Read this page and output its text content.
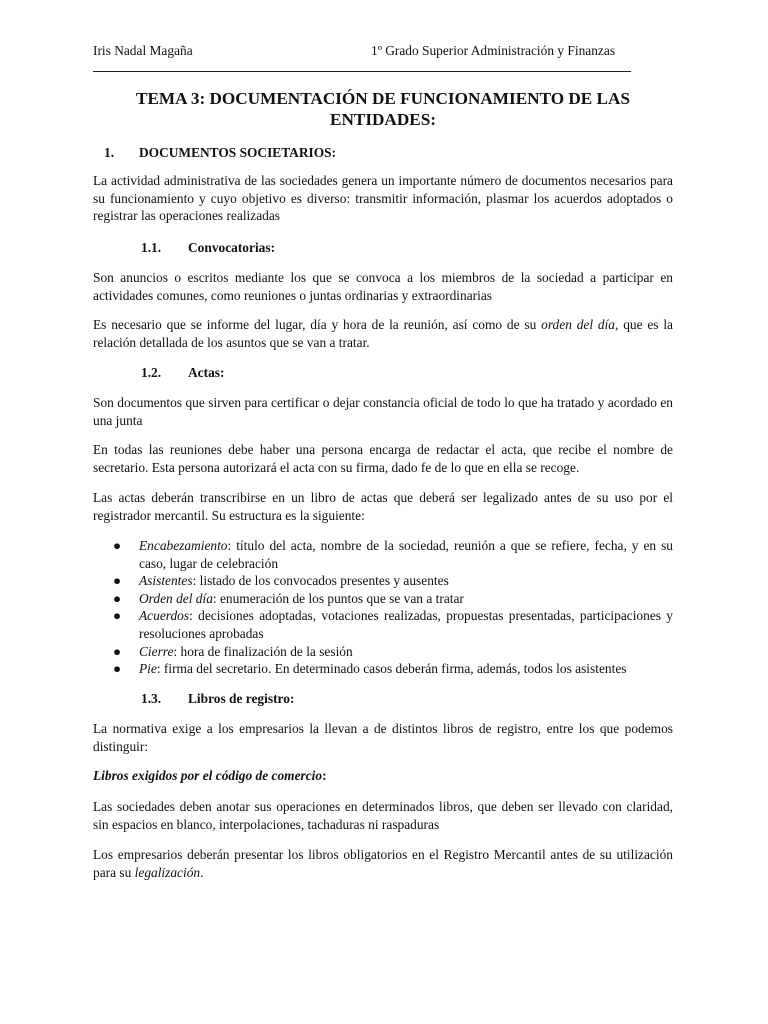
Iris Nadal Magaña	1º Grado Superior Administración y Finanzas
TEMA 3: DOCUMENTACIÓN DE FUNCIONAMIENTO DE LAS ENTIDADES:
1. DOCUMENTOS SOCIETARIOS:
La actividad administrativa de las sociedades genera un importante número de documentos necesarios para su funcionamiento y cuyo objetivo es diverso: transmitir información, plasmar los acuerdos adoptados o registrar las operaciones realizadas
1.1. Convocatorias:
Son anuncios o escritos mediante los que se convoca a los miembros de la sociedad a participar en actividades comunes, como reuniones o juntas ordinarias y extraordinarias
Es necesario que se informe del lugar, día y hora de la reunión, así como de su orden del día, que es la relación detallada de los asuntos que se van a tratar.
1.2. Actas:
Son documentos que sirven para certificar o dejar constancia oficial de todo lo que ha tratado y acordado en una junta
En todas las reuniones debe haber una persona encarga de redactar el acta, que recibe el nombre de secretario. Esta persona autorizará el acta con su firma, dado fe de lo que en ella se recoge.
Las actas deberán transcribirse en un libro de actas que deberá ser legalizado antes de su uso por el registrador mercantil. Su estructura es la siguiente:
● Encabezamiento: título del acta, nombre de la sociedad, reunión a que se refiere, fecha, y en su caso, lugar de celebración
● Asistentes: listado de los convocados presentes y ausentes
● Orden del día: enumeración de los puntos que se van a tratar
● Acuerdos: decisiones adoptadas, votaciones realizadas, propuestas presentadas, participaciones y resoluciones aprobadas
● Cierre: hora de finalización de la sesión
● Pie: firma del secretario. En determinado casos deberán firma, además, todos los asistentes
1.3. Libros de registro:
La normativa exige a los empresarios la llevan a de distintos libros de registro, entre los que podemos distinguir:
Libros exigidos por el código de comercio:
Las sociedades deben anotar sus operaciones en determinados libros, que deben ser llevado con claridad, sin espacios en blanco, interpolaciones, tachaduras ni raspaduras
Los empresarios deberán presentar los libros obligatorios en el Registro Mercantil antes de su utilización para su legalización.
